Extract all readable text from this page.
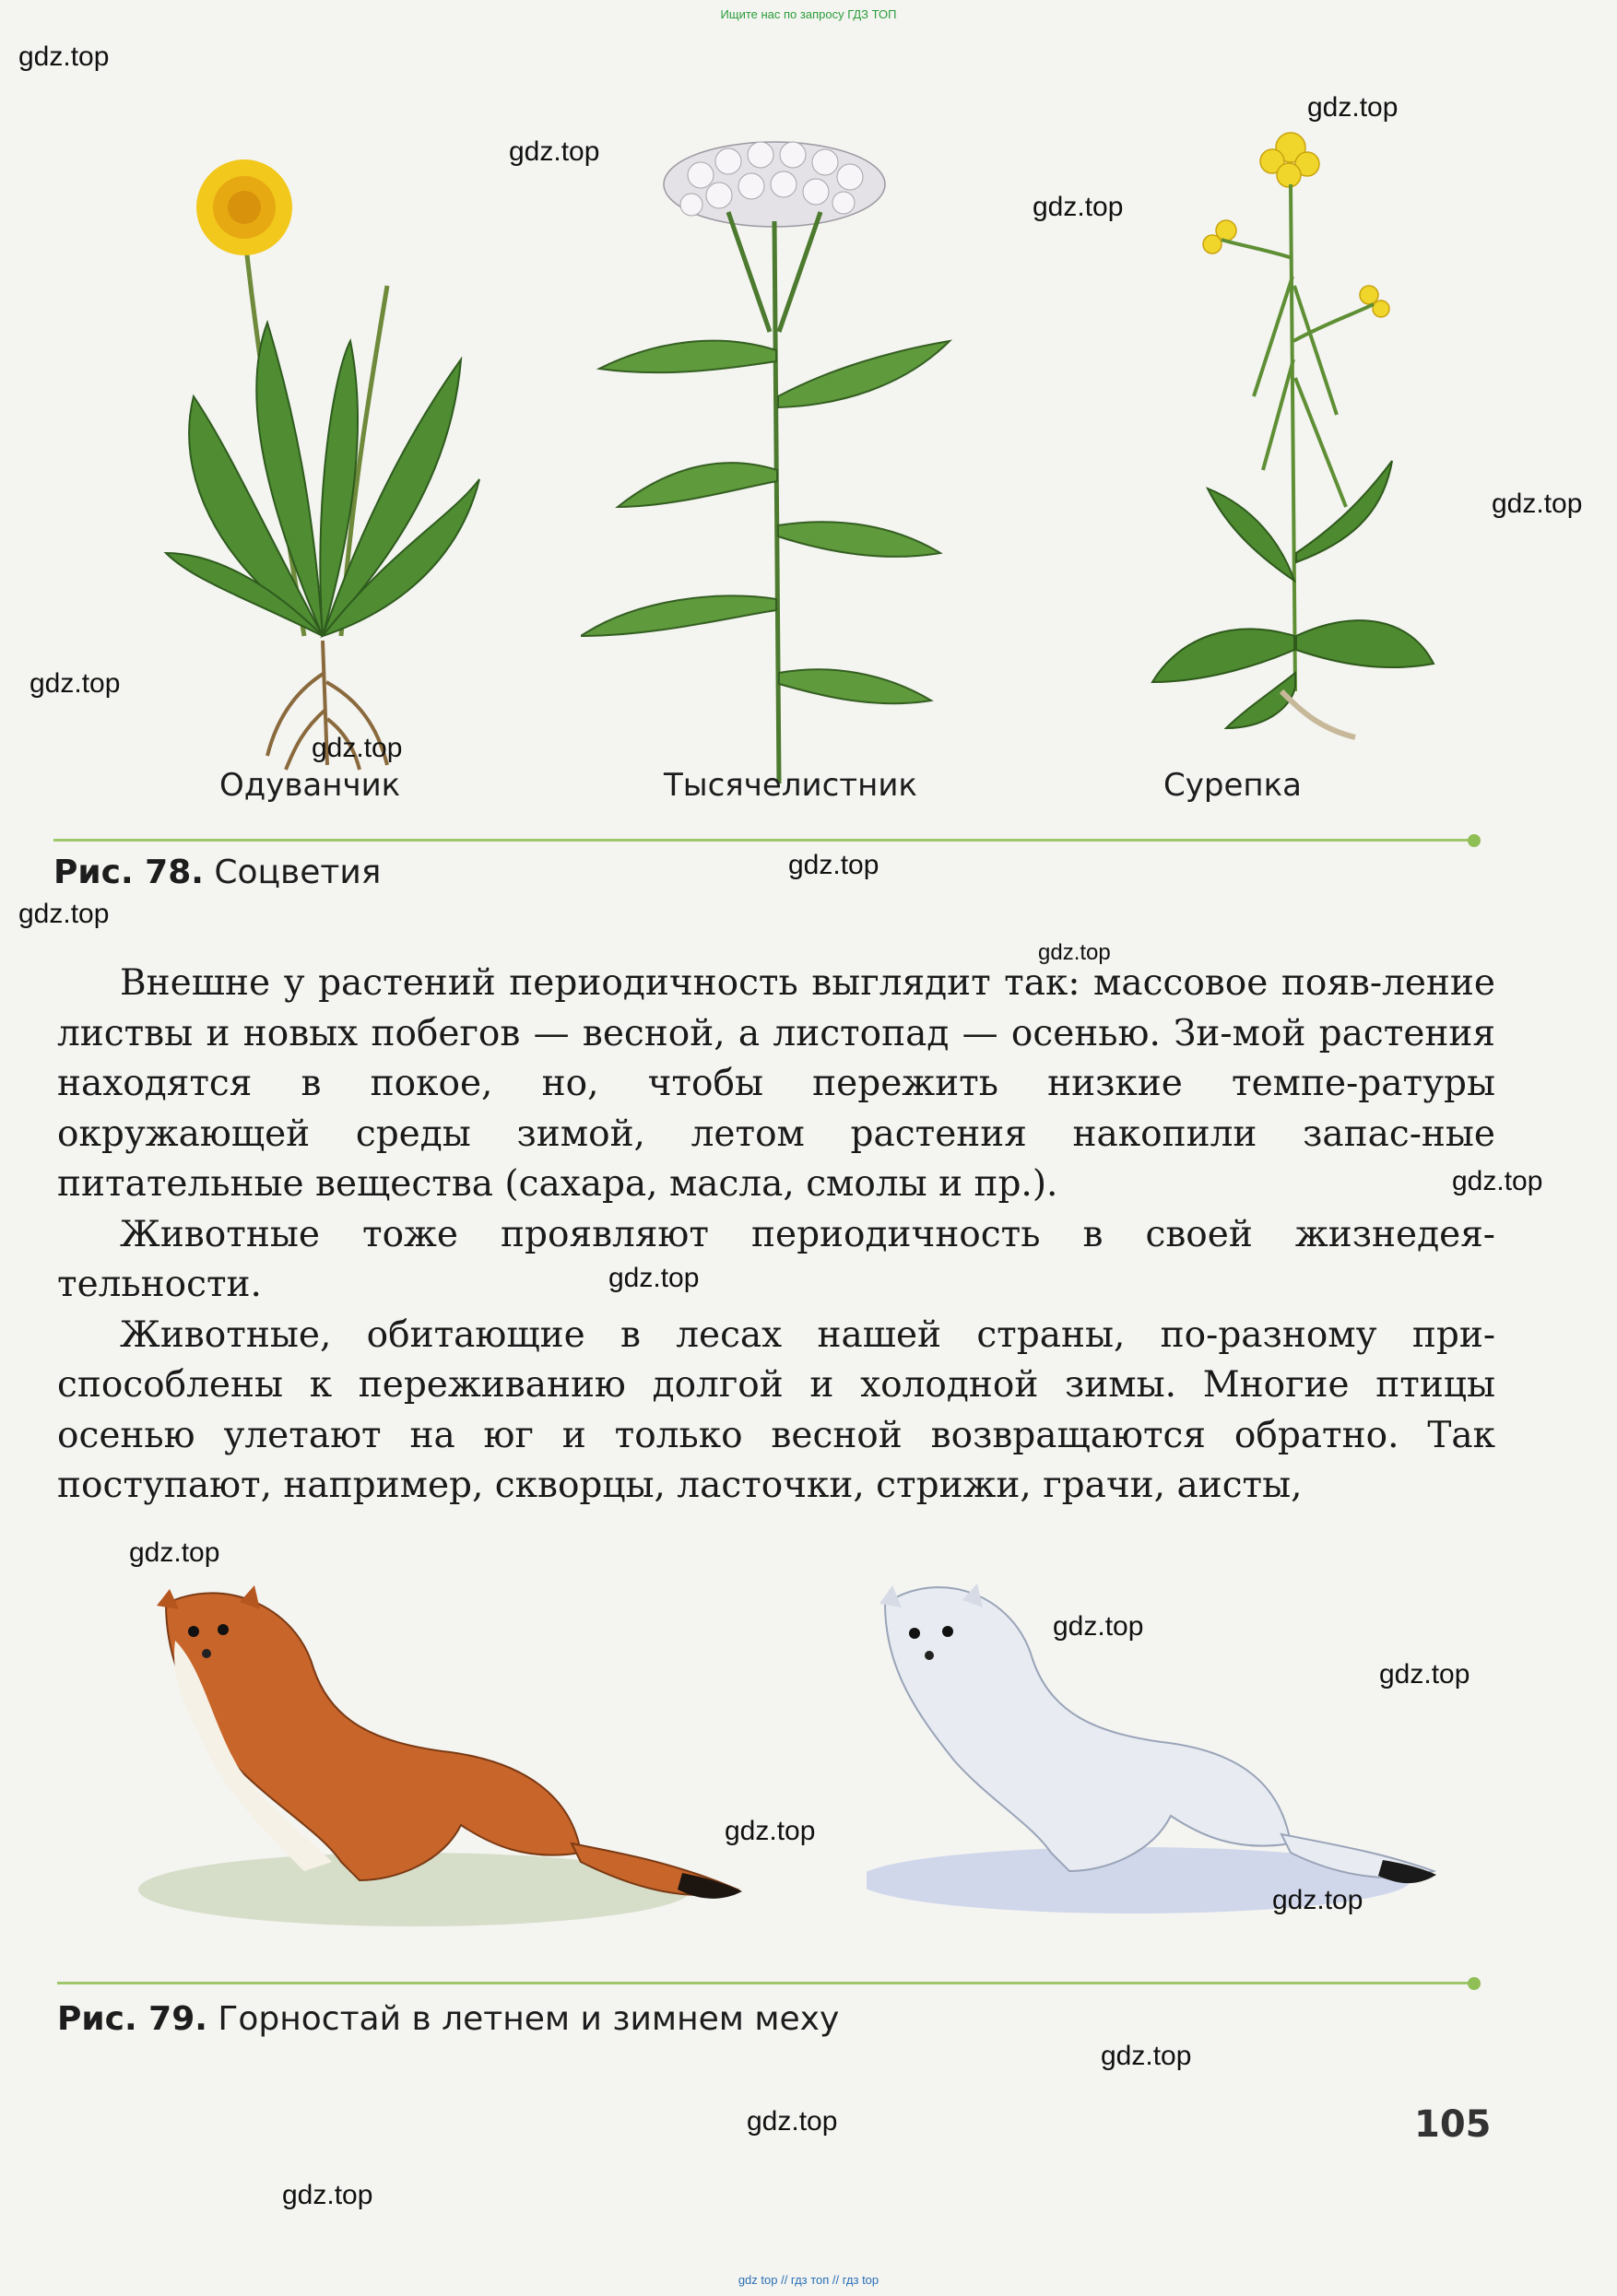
Ищите нас по запросу ГДЗ ТОП
Одуванчик	Тысячелистник	Сурепка
Рис. 78. Соцветия

Внешне у растений периодичность выглядит так: массовое появ-ление листвы и новых побегов — весной, а листопад — осенью. Зи-мой растения находятся в покое, но, чтобы пережить низкие темпе-ратуры окружающей среды зимой, летом растения накопили запас-ные питательные вещества (сахара, масла, смолы и пр.).

Животные тоже проявляют периодичность в своей жизнедея-тельности.

Животные, обитающие в лесах нашей страны, по-разному при-способлены к переживанию долгой и холодной зимы. Многие птицы осенью улетают на юг и только весной возвращаются обратно. Так поступают, например, скворцы, ласточки, стрижи, грачи, аисты,

Рис. 79. Горностай в летнем и зимнем меху
105
gdz.top
gdz.top
gdz.top
gdz.top
gdz.top
gdz.top
gdz.top
gdz.top
gdz.top
gdz.top
gdz.top
gdz.top
gdz.top
gdz.top
gdz.top
gdz.top
gdz.top
gdz.top
gdz.top
gdz.top
gdz top // гдз топ // гдз top
